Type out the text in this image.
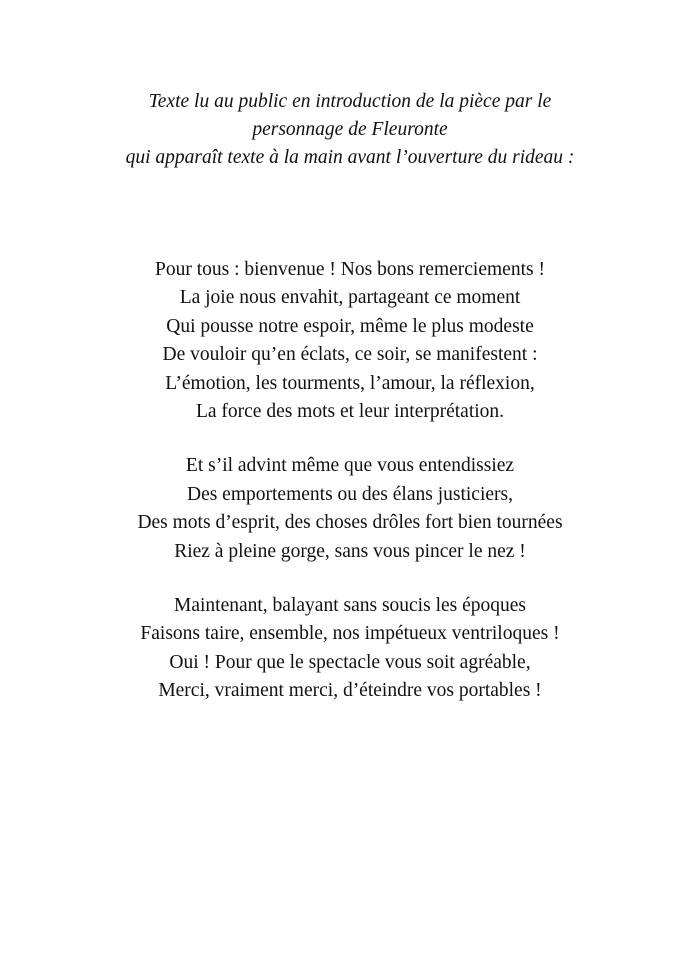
Texte lu au public en introduction de la pièce par le
personnage de Fleuronte
qui apparaît texte à la main avant l’ouverture du rideau :
Pour tous : bienvenue ! Nos bons remerciements !
La joie nous envahit, partageant ce moment
Qui pousse notre espoir, même le plus modeste
De vouloir qu’en éclats, ce soir, se manifestent :
L’émotion, les tourments, l’amour, la réflexion,
La force des mots et leur interprétation.
Et s’il advint même que vous entendissiez
Des emportements ou des élans justiciers,
Des mots d’esprit, des choses drôles fort bien tournées
Riez à pleine gorge, sans vous pincer le nez !
Maintenant, balayant sans soucis les époques
Faisons taire, ensemble, nos impétueux ventriloques !
Oui ! Pour que le spectacle vous soit agréable,
Merci, vraiment merci, d’éteindre vos portables !
